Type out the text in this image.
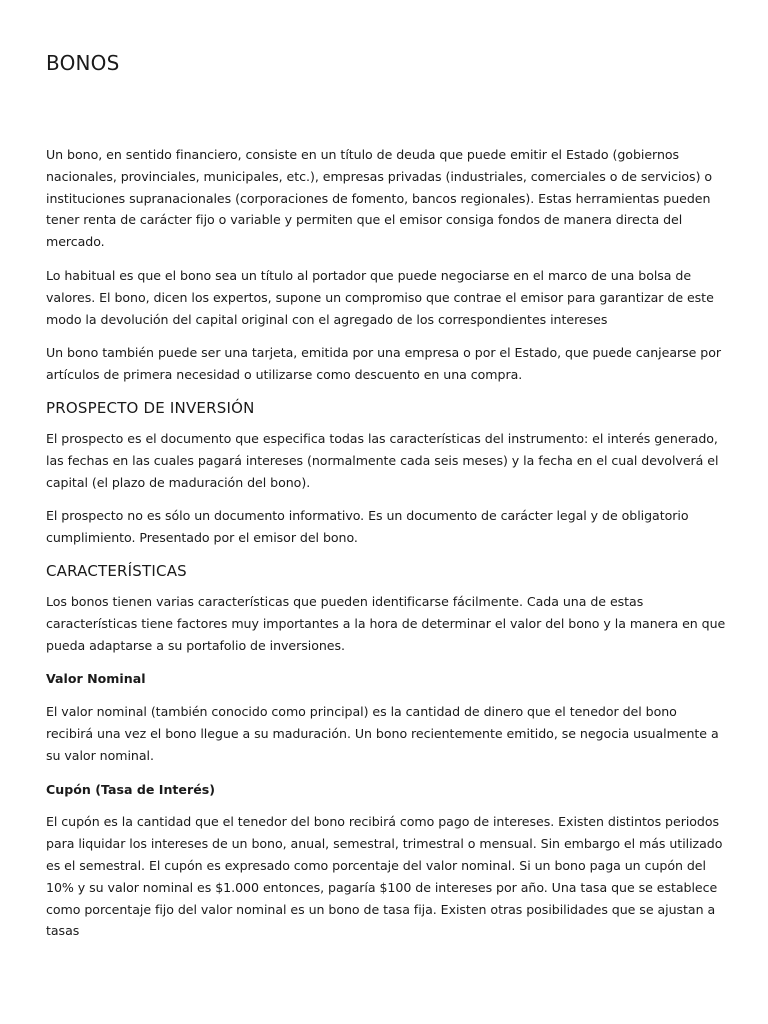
BONOS

Un bono, en sentido financiero, consiste en un título de deuda que puede emitir el Estado (gobiernos nacionales, provinciales, municipales, etc.), empresas privadas (industriales, comerciales o de servicios) o instituciones supranacionales (corporaciones de fomento, bancos regionales). Estas herramientas pueden tener renta de carácter fijo o variable y permiten que el emisor consiga fondos de manera directa del mercado.

Lo habitual es que el bono sea un título al portador que puede negociarse en el marco de una bolsa de valores. El bono, dicen los expertos, supone un compromiso que contrae el emisor para garantizar de este modo la devolución del capital original con el agregado de los correspondientes intereses

Un bono también puede ser una tarjeta, emitida por una empresa o por el Estado, que puede canjearse por artículos de primera necesidad o utilizarse como descuento en una compra.

PROSPECTO DE INVERSIÓN

El prospecto es el documento que especifica todas las características del instrumento: el interés generado, las fechas en las cuales pagará intereses (normalmente cada seis meses) y la fecha en el cual devolverá el capital (el plazo de maduración del bono).

El prospecto no es sólo un documento informativo. Es un documento de carácter legal y de obligatorio cumplimiento. Presentado por el emisor del bono.

CARACTERÍSTICAS

Los bonos tienen varias características que pueden identificarse fácilmente. Cada una de estas características tiene factores muy importantes a la hora de determinar el valor del bono y la manera en que pueda adaptarse a su portafolio de inversiones.

Valor Nominal

El valor nominal (también conocido como principal) es la cantidad de dinero que el tenedor del bono recibirá una vez el bono llegue a su maduración. Un bono recientemente emitido, se negocia usualmente a su valor nominal.

Cupón (Tasa de Interés)

El cupón es la cantidad que el tenedor del bono recibirá como pago de intereses. Existen distintos periodos para liquidar los intereses de un bono, anual, semestral, trimestral o mensual. Sin embargo el más utilizado es el semestral. El cupón es expresado como porcentaje del valor nominal. Si un bono paga un cupón del 10% y su valor nominal es $1.000 entonces, pagaría $100 de intereses por año. Una tasa que se establece como porcentaje fijo del valor nominal es un bono de tasa fija. Existen otras posibilidades que se ajustan a tasas
